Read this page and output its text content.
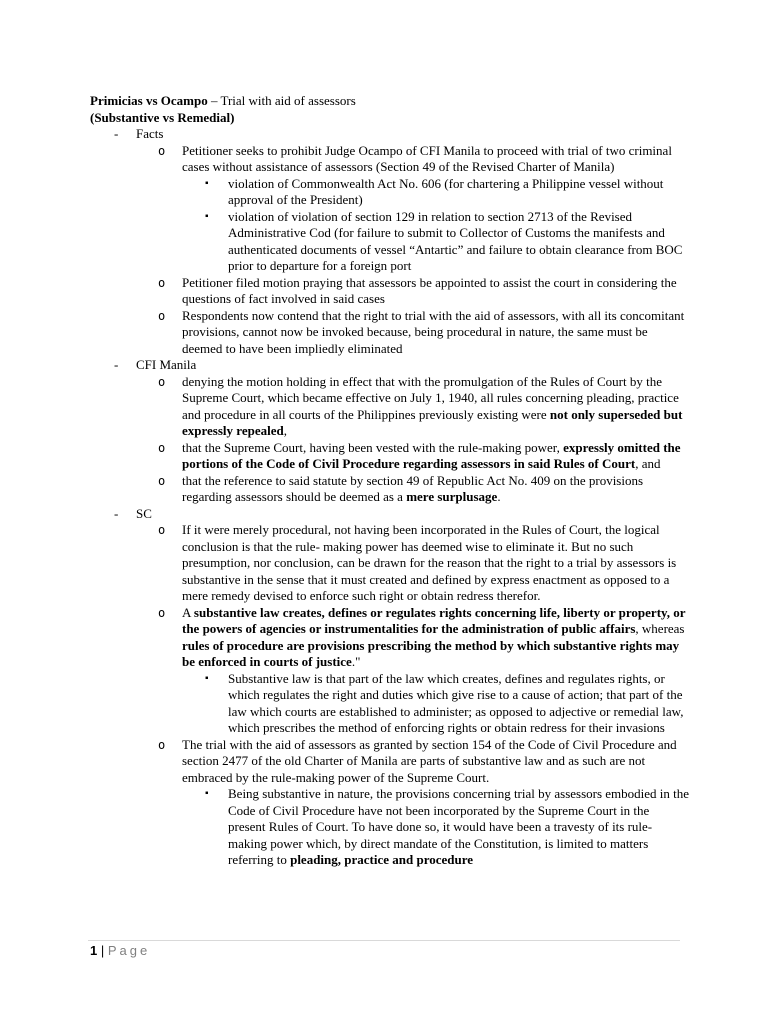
Primicias vs Ocampo – Trial with aid of assessors

(Substantive vs Remedial)

- Facts
o Petitioner seeks to prohibit Judge Ocampo of CFI Manila to proceed with trial of two criminal cases without assistance of assessors (Section 49 of the Revised Charter of Manila)
▪ violation of Commonwealth Act No. 606 (for chartering a Philippine vessel without approval of the President)
▪ violation of violation of section 129 in relation to section 2713 of the Revised Administrative Cod (for failure to submit to Collector of Customs the manifests and authenticated documents of vessel “Antartic” and failure to obtain clearance from BOC prior to departure for a foreign port
o Petitioner filed motion praying that assessors be appointed to assist the court in considering the questions of fact involved in said cases
o Respondents now contend that the right to trial with the aid of assessors, with all its concomitant provisions, cannot now be invoked because, being procedural in nature, the same must be deemed to have been impliedly eliminated
- CFI Manila
o denying the motion holding in effect that with the promulgation of the Rules of Court by the Supreme Court, which became effective on July 1, 1940, all rules concerning pleading, practice and procedure in all courts of the Philippines previously existing were not only superseded but expressly repealed,
o that the Supreme Court, having been vested with the rule-making power, expressly omitted the portions of the Code of Civil Procedure regarding assessors in said Rules of Court, and
o that the reference to said statute by section 49 of Republic Act No. 409 on the provisions regarding assessors should be deemed as a mere surplusage.
- SC
o If it were merely procedural, not having been incorporated in the Rules of Court, the logical conclusion is that the rule- making power has deemed wise to eliminate it. But no such presumption, nor conclusion, can be drawn for the reason that the right to a trial by assessors is substantive in the sense that it must created and defined by express enactment as opposed to a mere remedy devised to enforce such right or obtain redress therefor.
o A substantive law creates, defines or regulates rights concerning life, liberty or property, or the powers of agencies or instrumentalities for the administration of public affairs, whereas rules of procedure are provisions prescribing the method by which substantive rights may be enforced in courts of justice."
▪ Substantive law is that part of the law which creates, defines and regulates rights, or which regulates the right and duties which give rise to a cause of action; that part of the law which courts are established to administer; as opposed to adjective or remedial law, which prescribes the method of enforcing rights or obtain redress for their invasions
o The trial with the aid of assessors as granted by section 154 of the Code of Civil Procedure and section 2477 of the old Charter of Manila are parts of substantive law and as such are not embraced by the rule-making power of the Supreme Court.
▪ Being substantive in nature, the provisions concerning trial by assessors embodied in the Code of Civil Procedure have not been incorporated by the Supreme Court in the present Rules of Court. To have done so, it would have been a travesty of its rule-making power which, by direct mandate of the Constitution, is limited to matters referring to pleading, practice and procedure
1 | Page
